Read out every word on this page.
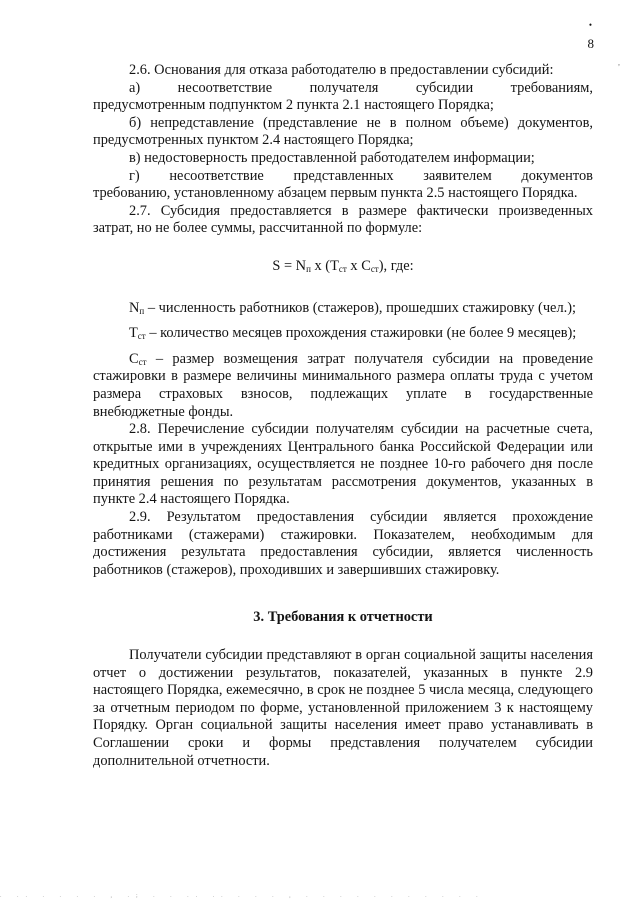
•
8
,

2.6. Основания для отказа работодателю в предоставлении субсидий:

а)	несоответствие	получателя	субсидии	требованиям,

предусмотренным подпунктом 2 пункта 2.1 настоящего Порядка;

б) непредставление (представление не в полном объеме) документов,

предусмотренных пунктом 2.4 настоящего Порядка;

в) недостоверность предоставленной работодателем информации;

г) несоответствие представленных заявителем документов

требованию, установленному абзацем первым пункта 2.5 настоящего Порядка.

2.7. Субсидия предоставляется в размере фактически произведенных затрат, но не более суммы, рассчитанной по формуле:

$S = N_п$ x ($T_{ст}$ x $C_{ст}$), где:

$N_п$ – численность работников (стажеров), прошедших стажировку (чел.);

$T_{ст}$ – количество месяцев прохождения стажировки (не более 9 месяцев);

$C_{ст}$ – размер возмещения затрат получателя субсидии на проведение стажировки в размере величины минимального размера оплаты труда с учетом размера страховых взносов, подлежащих уплате в государственные внебюджетные фонды.

2.8. Перечисление субсидии получателям субсидии на расчетные счета, открытые ими в учреждениях Центрального банка Российской Федерации или кредитных организациях, осуществляется не позднее 10-го рабочего дня после принятия решения по результатам рассмотрения документов, указанных в пункте 2.4 настоящего Порядка.

2.9. Результатом предоставления субсидии является прохождение работниками (стажерами) стажировки. Показателем, необходимым для достижения результата предоставления субсидии, является численность работников (стажеров), проходивших и завершивших стажировку.

3. Требования к отчетности

Получатели субсидии представляют в орган социальной защиты населения отчет о достижении результатов, показателей, указанных в пункте 2.9 настоящего Порядка, ежемесячно, в срок не позднее 5 числа месяца, следующего за отчетным периодом по форме, установленной приложением 3 к настоящему Порядку. Орган социальной защиты населения имеет право устанавливать в Соглашении сроки и формы представления получателем субсидии дополнительной отчетности.

. .. . . . . , .; . . .. .. . . . , . . . . . . . . . . .
